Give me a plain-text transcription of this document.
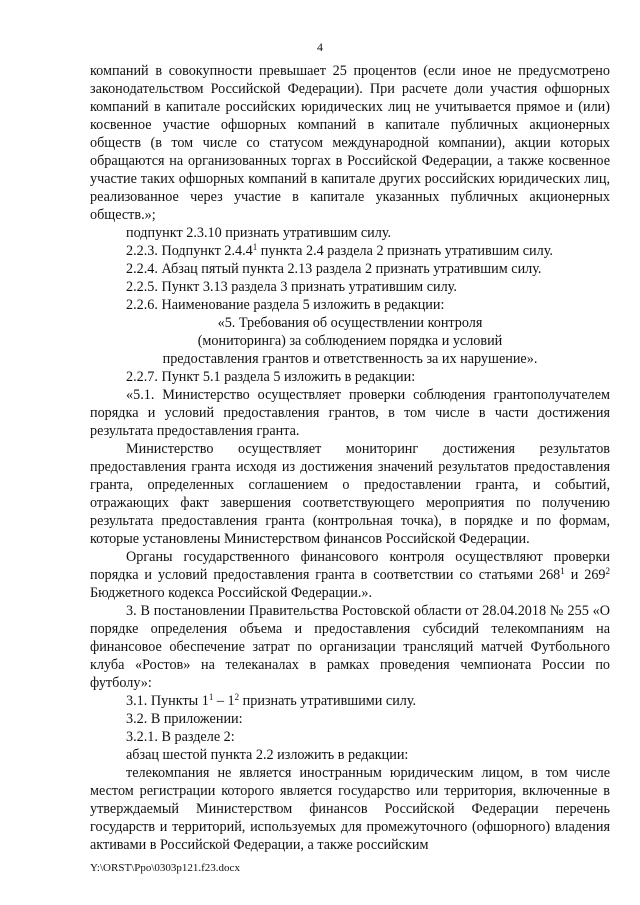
4

компаний в совокупности превышает 25 процентов (если иное не предусмотрено законодательством Российской Федерации). При расчете доли участия офшорных компаний в капитале российских юридических лиц не учитывается прямое и (или) косвенное участие офшорных компаний в капитале публичных акционерных обществ (в том числе со статусом международной компании), акции которых обращаются на организованных торгах в Российской Федерации, а также косвенное участие таких офшорных компаний в капитале других российских юридических лиц, реализованное через участие в капитале указанных публичных акционерных обществ.»;

подпункт 2.3.10 признать утратившим силу.

2.2.3. Подпункт 2.4.4$^1$ пункта 2.4 раздела 2 признать утратившим силу.

2.2.4. Абзац пятый пункта 2.13 раздела 2 признать утратившим силу.

2.2.5. Пункт 3.13 раздела 3 признать утратившим силу.

2.2.6. Наименование раздела 5 изложить в редакции:

«5. Требования об осуществлении контроля

(мониторинга) за соблюдением порядка и условий

предоставления грантов и ответственность за их нарушение».

2.2.7. Пункт 5.1 раздела 5 изложить в редакции:

«5.1. Министерство осуществляет проверки соблюдения грантополучателем порядка и условий предоставления грантов, в том числе в части достижения результата предоставления гранта.

Министерство осуществляет мониторинг достижения результатов предоставления гранта исходя из достижения значений результатов предоставления гранта, определенных соглашением о предоставлении гранта, и событий, отражающих факт завершения соответствующего мероприятия по получению результата предоставления гранта (контрольная точка), в порядке и по формам, которые установлены Министерством финансов Российской Федерации.

Органы государственного финансового контроля осуществляют проверки порядка и условий предоставления гранта в соответствии со статьями $268^1$ и $269^2$ Бюджетного кодекса Российской Федерации.».

3. В постановлении Правительства Ростовской области от 28.04.2018 № 255 «О порядке определения объема и предоставления субсидий телекомпаниям на финансовое обеспечение затрат по организации трансляций матчей Футбольного клуба «Ростов» на телеканалах в рамках проведения чемпионата России по футболу»:

3.1. Пункты $1^1 - 1^2$ признать утратившими силу.

3.2. В приложении:

3.2.1. В разделе 2:

абзац шестой пункта 2.2 изложить в редакции:

телекомпания не является иностранным юридическим лицом, в том числе местом регистрации которого является государство или территория, включенные в утверждаемый Министерством финансов Российской Федерации перечень государств и территорий, используемых для промежуточного (офшорного) владения активами в Российской Федерации, а также российским

Y:\ORST\Ppo\0303p121.f23.docx
